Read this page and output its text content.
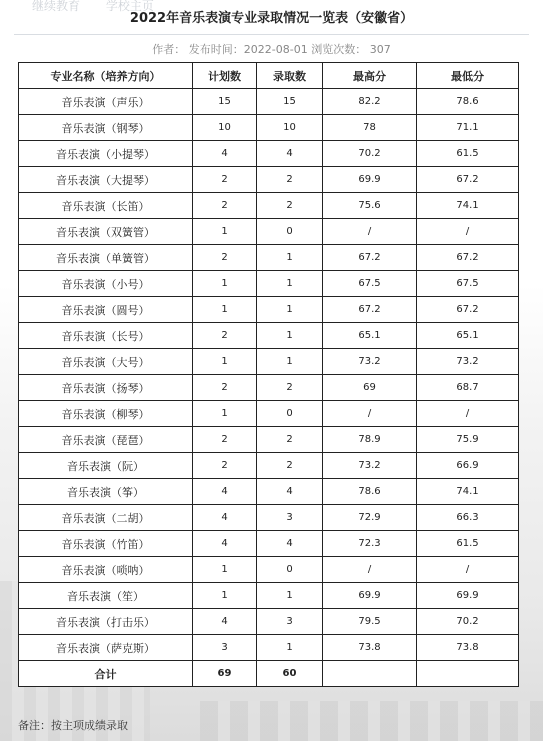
继续教育 学校主页
2022年音乐表演专业录取情况一览表（安徽省）
作者： 发布时间：2022-08-01 浏览次数： 307
专业名称（培养方向）	计划数	录取数	最高分	最低分
音乐表演（声乐）	15	15	82.2	78.6
音乐表演（钢琴）	10	10	78	71.1
音乐表演（小提琴）	4	4	70.2	61.5
音乐表演（大提琴）	2	2	69.9	67.2
音乐表演（长笛）	2	2	75.6	74.1
音乐表演（双簧管）	1	0	/	/
音乐表演（单簧管）	2	1	67.2	67.2
音乐表演（小号）	1	1	67.5	67.5
音乐表演（圆号）	1	1	67.2	67.2
音乐表演（长号）	2	1	65.1	65.1
音乐表演（大号）	1	1	73.2	73.2
音乐表演（扬琴）	2	2	69	68.7
音乐表演（柳琴）	1	0	/	/
音乐表演（琵琶）	2	2	78.9	75.9
音乐表演（阮）	2	2	73.2	66.9
音乐表演（筝）	4	4	78.6	74.1
音乐表演（二胡）	4	3	72.9	66.3
音乐表演（竹笛）	4	4	72.3	61.5
音乐表演（唢呐）	1	0	/	/
音乐表演（笙）	1	1	69.9	69.9
音乐表演（打击乐）	4	3	79.5	70.2
音乐表演（萨克斯）	3	1	73.8	73.8
合计	69	60		
备注：按主项成绩录取
